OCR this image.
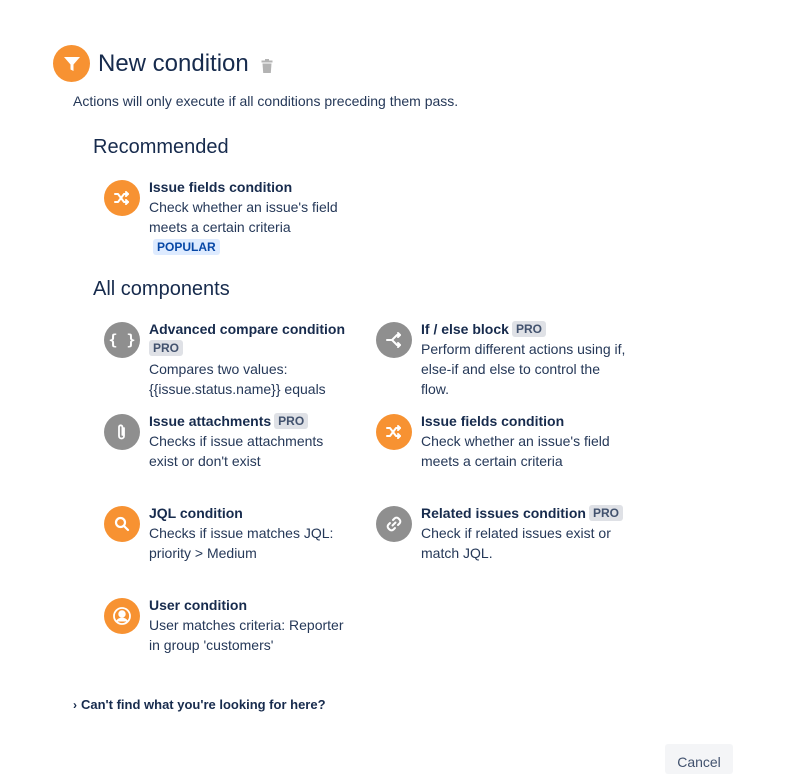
New condition
Actions will only execute if all conditions preceding them pass.
Recommended
Issue fields condition
Check whether an issue's field meets a certain criteria
POPULAR
All components
{ }
Advanced compare condition
PRO
Compares two values: {{issue.status.name}} equals
If / else block PRO
Perform different actions using if, else-if and else to control the flow.
Issue attachments PRO
Checks if issue attachments exist or don't exist
Issue fields condition
Check whether an issue's field meets a certain criteria
JQL condition
Checks if issue matches JQL: priority > Medium
Related issues condition PRO
Check if related issues exist or match JQL.
User condition
User matches criteria: Reporter in group 'customers'
› Can't find what you're looking for here?
Cancel
